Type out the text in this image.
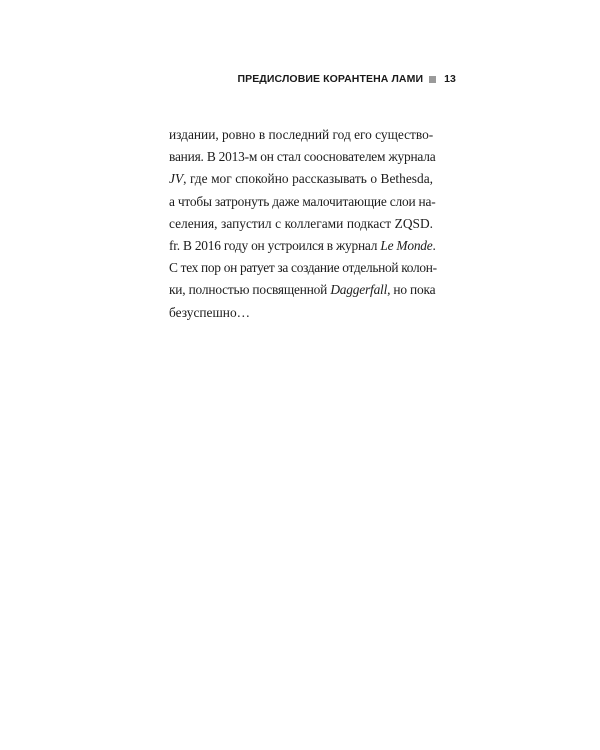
ПРЕДИСЛОВИЕ КОРАНТЕНА ЛАМИ 13
издании, ровно в последний год его существо-
вания. В 2013-м он стал сооснователем журнала
JV, где мог спокойно рассказывать о Bethesda,
а чтобы затронуть даже малочитающие слои на-
селения, запустил с коллегами подкаст ZQSD.
fr. В 2016 году он устроился в журнал Le Monde.
С тех пор он ратует за создание отдельной колон-
ки, полностью посвященной Daggerfall, но пока
безуспешно…
